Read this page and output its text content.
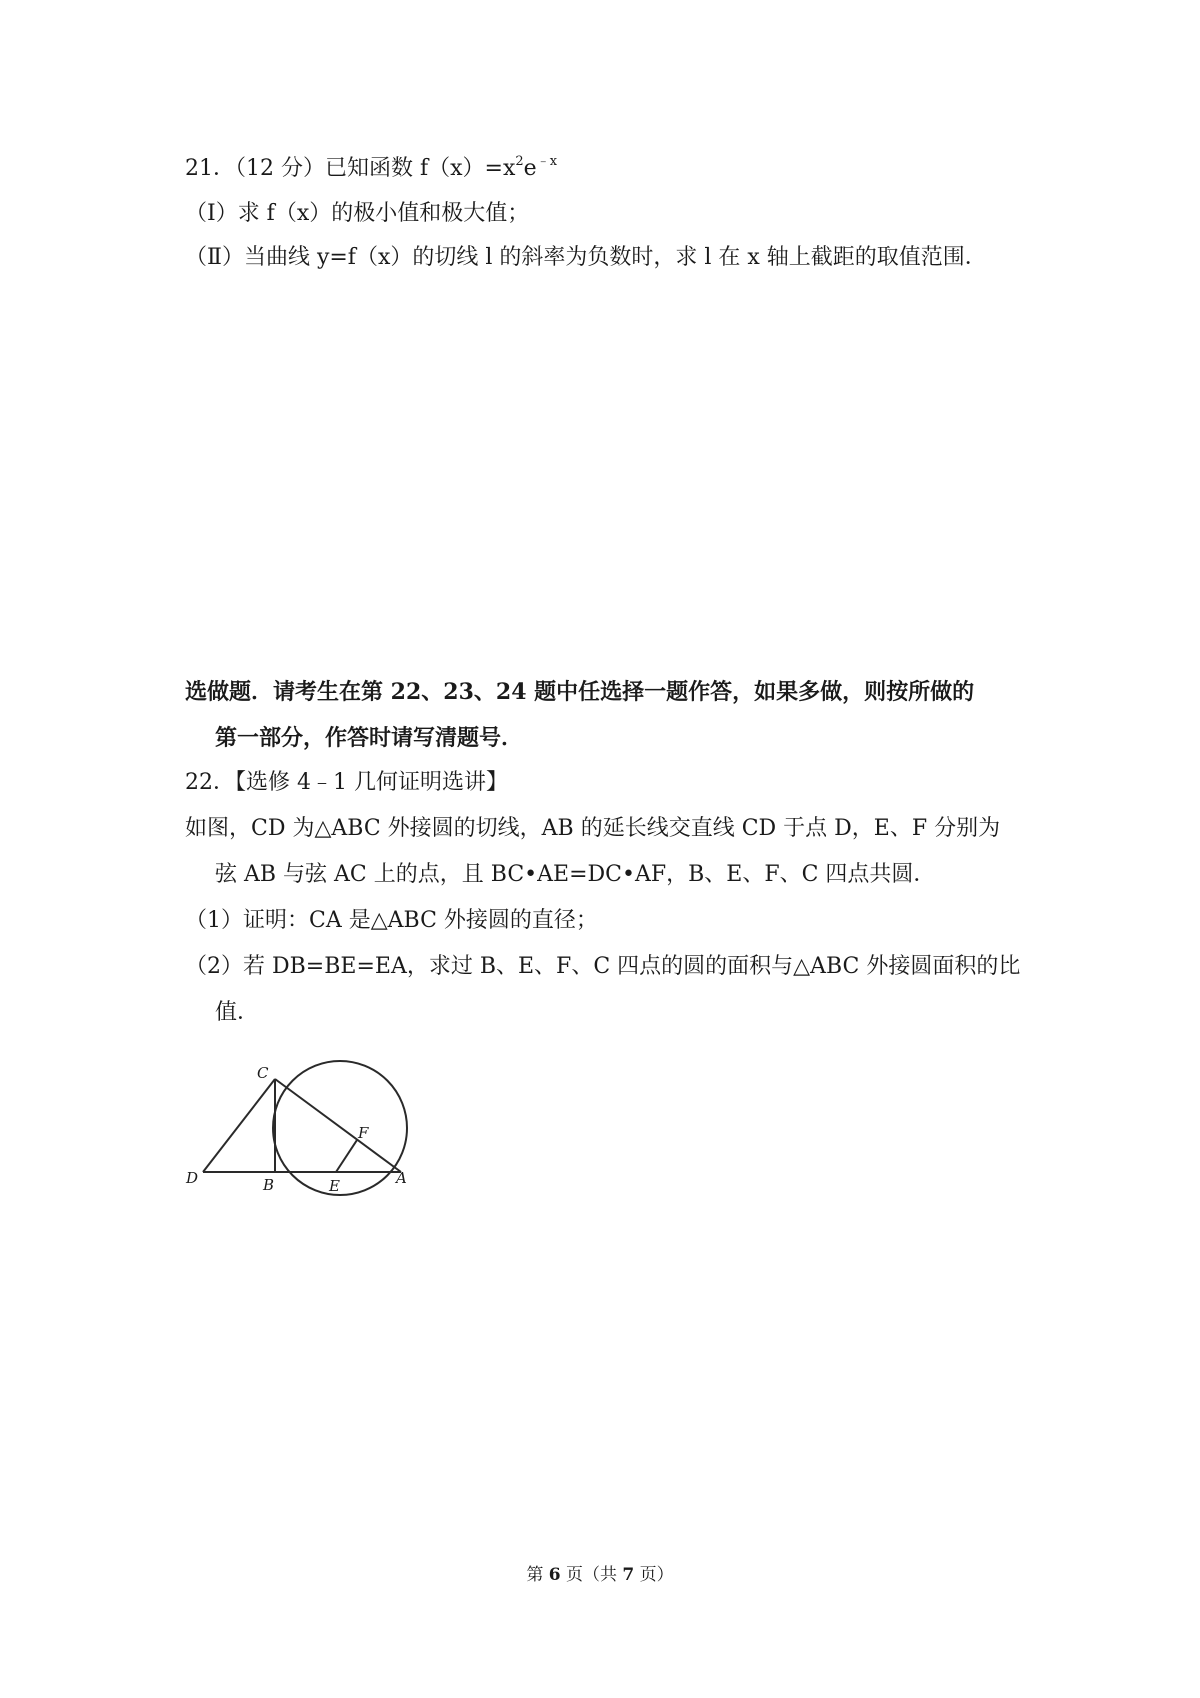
21．（12 分）已知函数 $f(x)=x^2e^{﹣x}$
（Ⅰ）求 f（x）的极小值和极大值；
（Ⅱ）当曲线 y=f（x）的切线 l 的斜率为负数时，求 l 在 x 轴上截距的取值范围．
选做题．请考生在第 22、23、24 题中任选择一题作答，如果多做，则按所做的
第一部分，作答时请写清题号．
22．【选修 4﹣1 几何证明选讲】
如图，CD 为△ABC 外接圆的切线，AB 的延长线交直线 CD 于点 D，E、F 分别为
弦 AB 与弦 AC 上的点，且 BC•AE=DC•AF，B、E、F、C 四点共圆．
（1）证明：CA 是△ABC 外接圆的直径；
（2）若 DB=BE=EA，求过 B、E、F、C 四点的圆的面积与△ABC 外接圆面积的比
值．
C
D	B	E
F
A
第 6 页（共 7 页）
